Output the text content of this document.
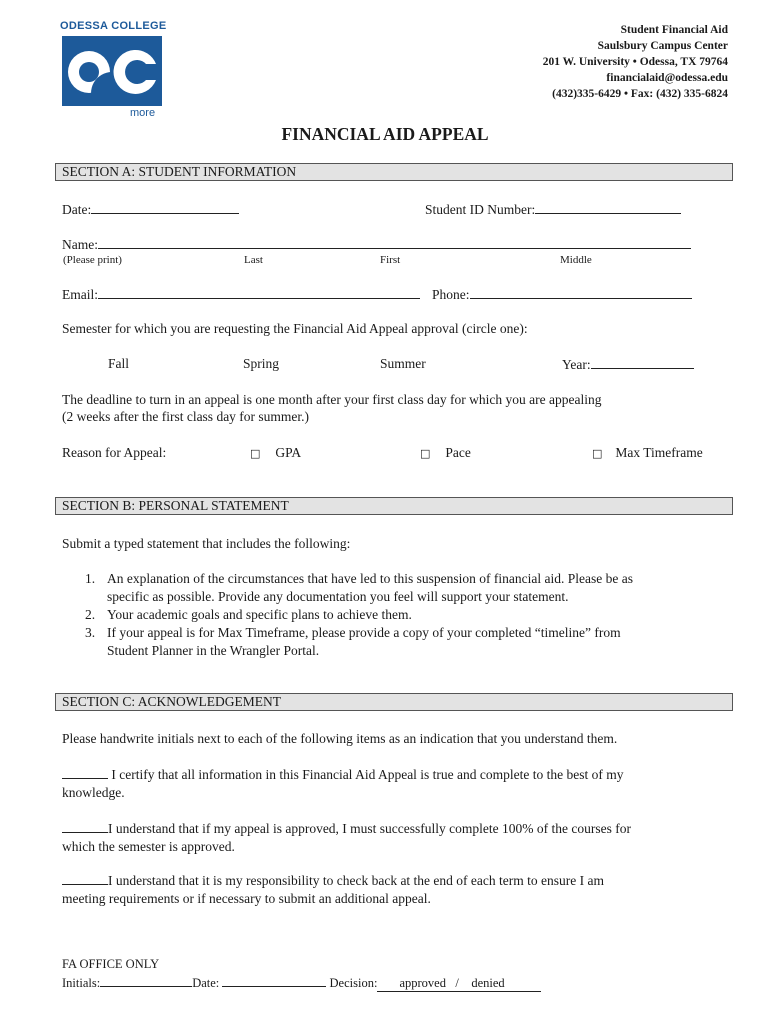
ODESSA COLLEGE
more
Student Financial Aid
Saulsbury Campus Center
201 W. University • Odessa, TX 79764
financialaid@odessa.edu
(432)335-6429 • Fax: (432) 335-6824
FINANCIAL AID APPEAL
SECTION A: STUDENT INFORMATION
Date:	Student ID Number:
Name:
(Please print)	Last	First	Middle
Email:	Phone:
Semester for which you are requesting the Financial Aid Appeal approval (circle one):
Fall	Spring	Summer	Year:
The deadline to turn in an appeal is one month after your first class day for which you are appealing
(2 weeks after the first class day for summer.)
Reason for Appeal:	□ GPA	□ Pace	□ Max Timeframe
SECTION B: PERSONAL STATEMENT
Submit a typed statement that includes the following:
1. An explanation of the circumstances that have led to this suspension of financial aid. Please be as
specific as possible. Provide any documentation you feel will support your statement.
2. Your academic goals and specific plans to achieve them.
3. If your appeal is for Max Timeframe, please provide a copy of your completed “timeline” from
Student Planner in the Wrangler Portal.
SECTION C: ACKNOWLEDGEMENT
Please handwrite initials next to each of the following items as an indication that you understand them.
I certify that all information in this Financial Aid Appeal is true and complete to the best of my
knowledge.
I understand that if my appeal is approved, I must successfully complete 100% of the courses for
which the semester is approved.
I understand that it is my responsibility to check back at the end of each term to ensure I am
meeting requirements or if necessary to submit an additional appeal.
FA OFFICE ONLY
Initials:	Date:	Decision: approved / denied
